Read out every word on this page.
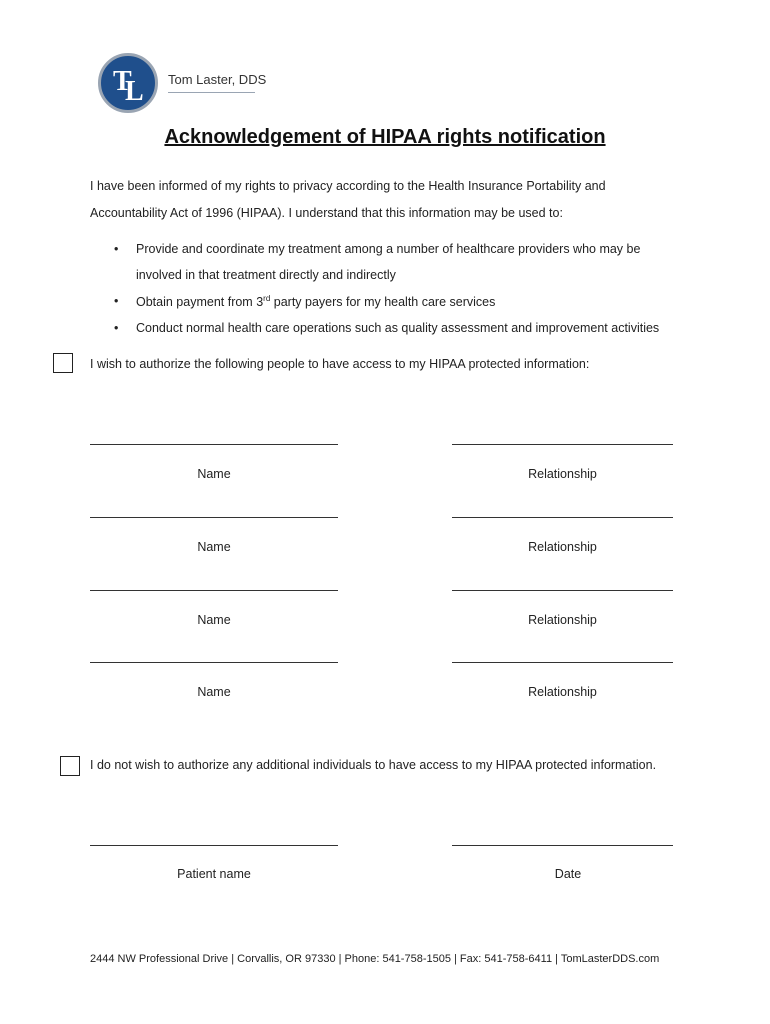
T
L Tom Laster, DDS
Acknowledgement of HIPAA rights notification
I have been informed of my rights to privacy according to the Health Insurance Portability and
Accountability Act of 1996 (HIPAA). I understand that this information may be used to:
• Provide and coordinate my treatment among a number of healthcare providers who may be
involved in that treatment directly and indirectly
• Obtain payment from 3rd party payers for my health care services
• Conduct normal health care operations such as quality assessment and improvement activities
I wish to authorize the following people to have access to my HIPAA protected information:
Name	Relationship
Name	Relationship
Name	Relationship
Name	Relationship
I do not wish to authorize any additional individuals to have access to my HIPAA protected information.
Patient name	Date
2444 NW Professional Drive | Corvallis, OR 97330 | Phone: 541-758-1505 | Fax: 541-758-6411 | TomLasterDDS.com
